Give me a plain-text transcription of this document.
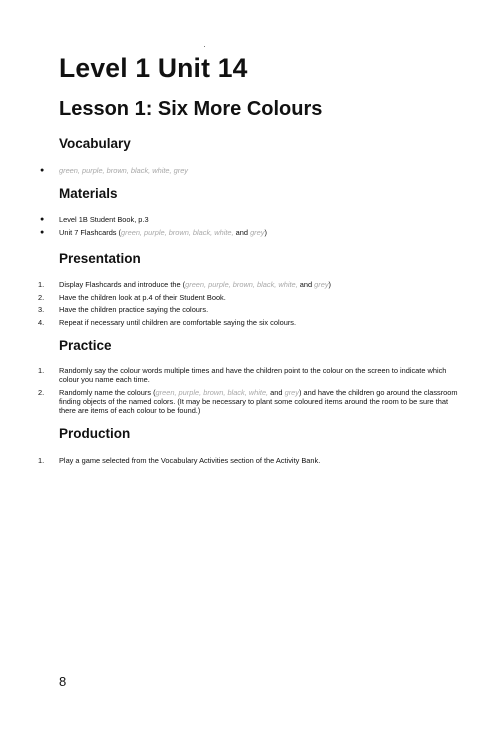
Level 1 Unit 14
Lesson 1: Six More Colours
Vocabulary
● green, purple, brown, black, white, grey
Materials
● Level 1B Student Book, p.3
● Unit 7 Flashcards (green, purple, brown, black, white, and grey)
Presentation
1. Display Flashcards and introduce the (green, purple, brown, black, white, and grey)
2. Have the children look at p.4 of their Student Book.
3. Have the children practice saying the colours.
4. Repeat if necessary until children are comfortable saying the six colours.
Practice
1. Randomly say the colour words multiple times and have the children point to the colour on the screen to indicate which colour you name each time.
2. Randomly name the colours (green, purple, brown, black, white, and grey) and have the children go around the classroom finding objects of the named colors. (It may be necessary to plant some coloured items around the room to be sure that there are items of each colour to be found.)
Production
1. Play a game selected from the Vocabulary Activities section of the Activity Bank.
8
